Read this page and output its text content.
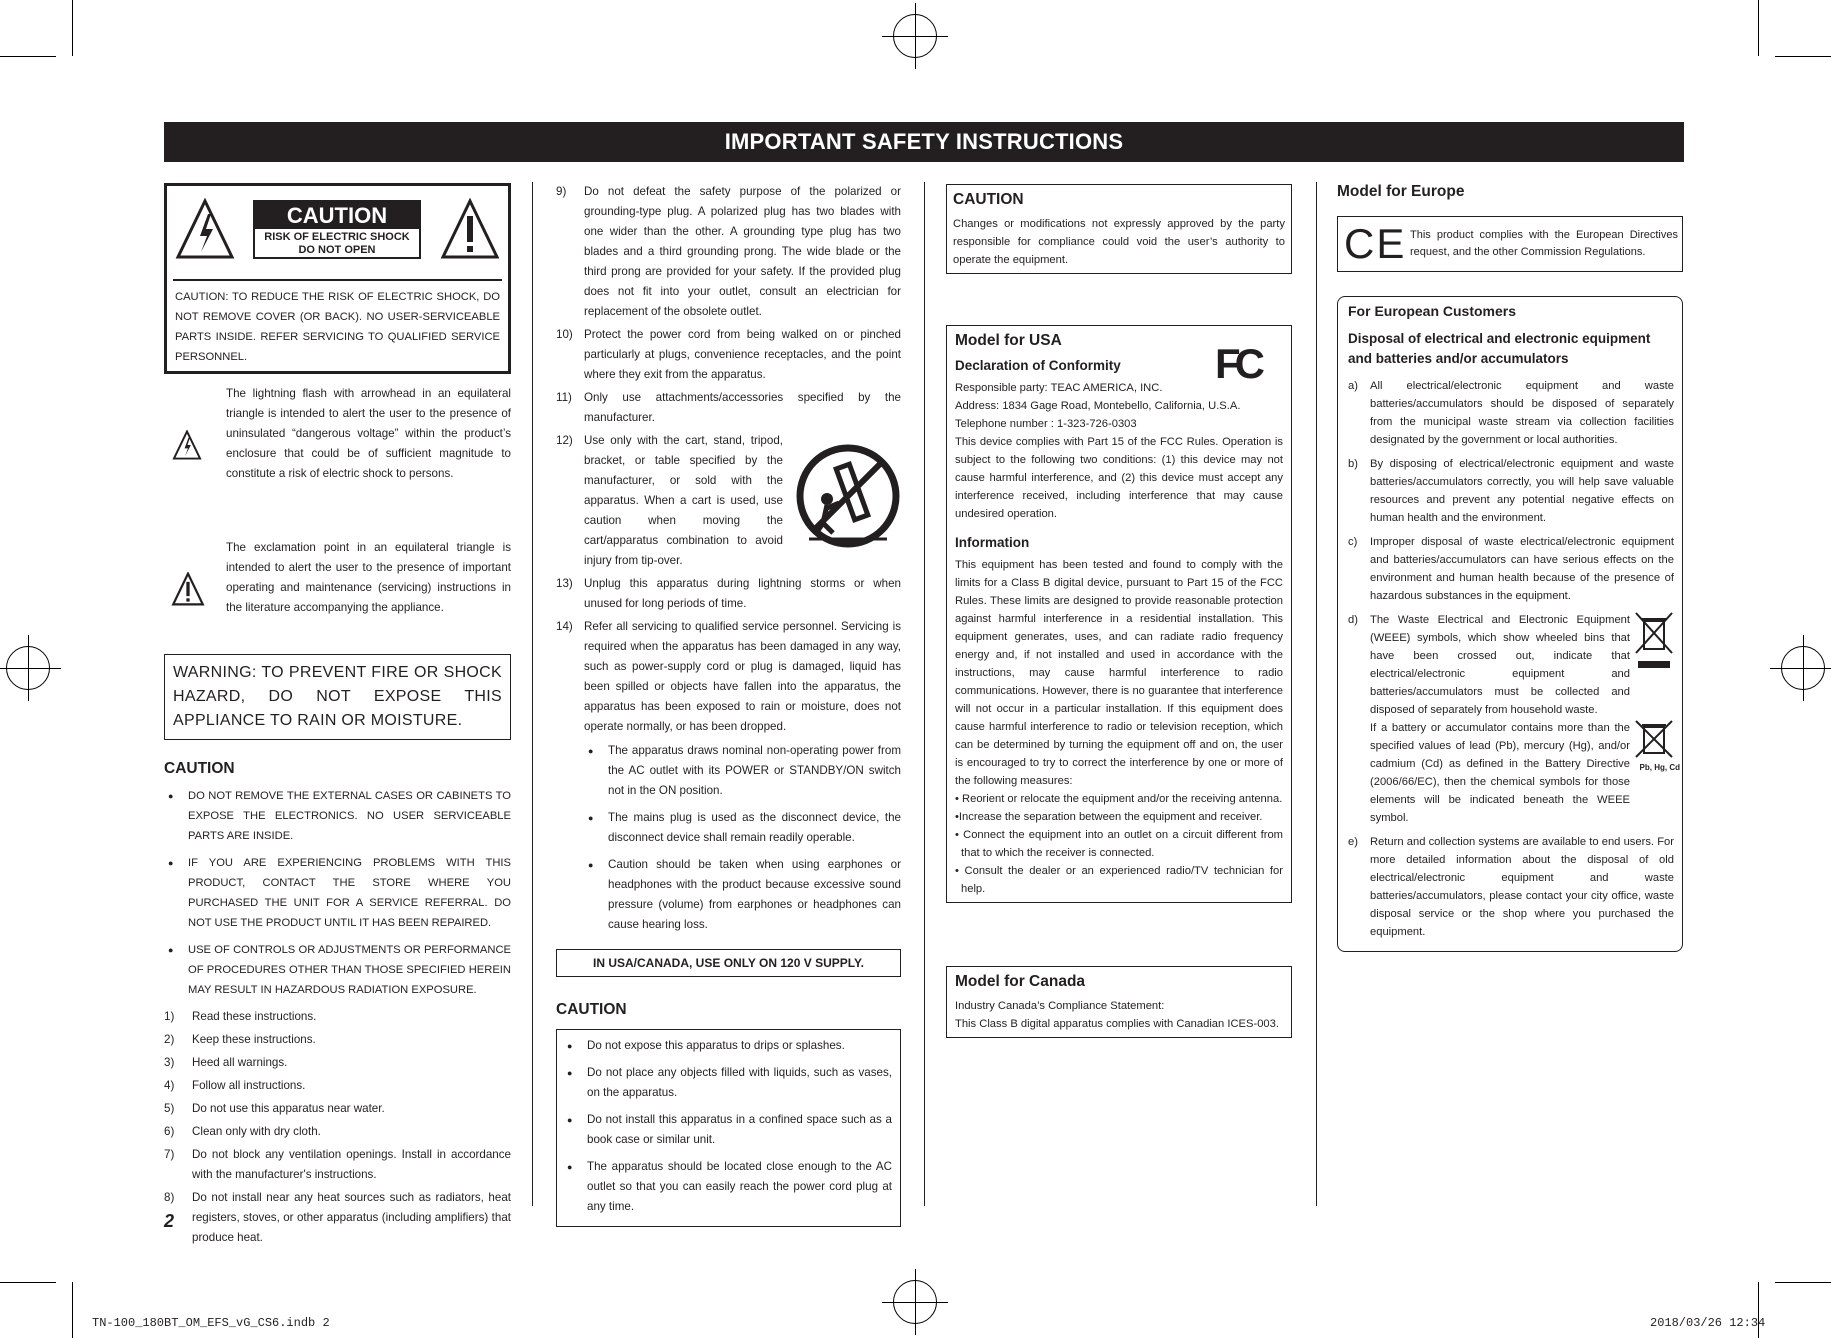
IMPORTANT SAFETY INSTRUCTIONS
CAUTION
RISK OF ELECTRIC SHOCK
DO NOT OPEN
CAUTION: TO REDUCE THE RISK OF ELECTRIC SHOCK, DO NOT REMOVE COVER (OR BACK). NO USER-SERVICEABLE PARTS INSIDE. REFER SERVICING TO QUALIFIED SERVICE PERSONNEL.
The lightning flash with arrowhead in an equilateral triangle is intended to alert the user to the presence of uninsulated “dangerous voltage” within the product’s enclosure that could be of sufficient magnitude to constitute a risk of electric shock to persons.
The exclamation point in an equilateral triangle is intended to alert the user to the presence of important operating and maintenance (servicing) instructions in the literature accompanying the appliance.
WARNING: TO PREVENT FIRE OR SHOCK HAZARD, DO NOT EXPOSE THIS APPLIANCE TO RAIN OR MOISTURE.
CAUTION
● DO NOT REMOVE THE EXTERNAL CASES OR CABINETS TO EXPOSE THE ELECTRONICS. NO USER SERVICEABLE PARTS ARE INSIDE.
● IF YOU ARE EXPERIENCING PROBLEMS WITH THIS PRODUCT, CONTACT THE STORE WHERE YOU PURCHASED THE UNIT FOR A SERVICE REFERRAL. DO NOT USE THE PRODUCT UNTIL IT HAS BEEN REPAIRED.
● USE OF CONTROLS OR ADJUSTMENTS OR PERFORMANCE OF PROCEDURES OTHER THAN THOSE SPECIFIED HEREIN MAY RESULT IN HAZARDOUS RADIATION EXPOSURE.
1) Read these instructions.
2) Keep these instructions.
3) Heed all warnings.
4) Follow all instructions.
5) Do not use this apparatus near water.
6) Clean only with dry cloth.
7) Do not block any ventilation openings. Install in accordance with the manufacturer's instructions.
8) Do not install near any heat sources such as radiators, heat registers, stoves, or other apparatus (including amplifiers) that produce heat.
2
9) Do not defeat the safety purpose of the polarized or grounding-type plug. A polarized plug has two blades with one wider than the other. A grounding type plug has two blades and a third grounding prong. The wide blade or the third prong are provided for your safety. If the provided plug does not fit into your outlet, consult an electrician for replacement of the obsolete outlet.
10) Protect the power cord from being walked on or pinched particularly at plugs, convenience receptacles, and the point where they exit from the apparatus.
11) Only use attachments/accessories specified by the manufacturer.
12) Use only with the cart, stand, tripod, bracket, or table specified by the manufacturer, or sold with the apparatus. When a cart is used, use caution when moving the cart/apparatus combination to avoid injury from tip-over.
13) Unplug this apparatus during lightning storms or when unused for long periods of time.
14) Refer all servicing to qualified service personnel. Servicing is required when the apparatus has been damaged in any way, such as power-supply cord or plug is damaged, liquid has been spilled or objects have fallen into the apparatus, the apparatus has been exposed to rain or moisture, does not operate normally, or has been dropped.
● The apparatus draws nominal non-operating power from the AC outlet with its POWER or STANDBY/ON switch not in the ON position.
● The mains plug is used as the disconnect device, the disconnect device shall remain readily operable.
● Caution should be taken when using earphones or headphones with the product because excessive sound pressure (volume) from earphones or headphones can cause hearing loss.
IN USA/CANADA, USE ONLY ON 120 V SUPPLY.
CAUTION
● Do not expose this apparatus to drips or splashes.
● Do not place any objects filled with liquids, such as vases, on the apparatus.
● Do not install this apparatus in a confined space such as a book case or similar unit.
● The apparatus should be located close enough to the AC outlet so that you can easily reach the power cord plug at any time.
CAUTION
Changes or modifications not expressly approved by the party responsible for compliance could void the user’s authority to operate the equipment.
Model for USA
Declaration of Conformity	FC
Responsible party: TEAC AMERICA, INC.
Address: 1834 Gage Road, Montebello, California, U.S.A.
Telephone number : 1-323-726-0303
This device complies with Part 15 of the FCC Rules. Operation is subject to the following two conditions: (1) this device may not cause harmful interference, and (2) this device must accept any interference received, including interference that may cause undesired operation.
Information
This equipment has been tested and found to comply with the limits for a Class B digital device, pursuant to Part 15 of the FCC Rules. These limits are designed to provide reasonable protection against harmful interference in a residential installation. This equipment generates, uses, and can radiate radio frequency energy and, if not installed and used in accordance with the instructions, may cause harmful interference to radio communications. However, there is no guarantee that interference will not occur in a particular installation. If this equipment does cause harmful interference to radio or television reception, which can be determined by turning the equipment off and on, the user is encouraged to try to correct the interference by one or more of the following measures:
• Reorient or relocate the equipment and/or the receiving antenna.
•Increase the separation between the equipment and receiver.
• Connect the equipment into an outlet on a circuit different from that to which the receiver is connected.
• Consult the dealer or an experienced radio/TV technician for help.
Model for Canada
Industry Canada’s Compliance Statement:
This Class B digital apparatus complies with Canadian ICES-003.
Model for Europe
CE This product complies with the European Directives request, and the other Commission Regulations.
For European Customers
Disposal of electrical and electronic equipment and batteries and/or accumulators
a) All electrical/electronic equipment and waste batteries/accumulators should be disposed of separately from the municipal waste stream via collection facilities designated by the government or local authorities.
b) By disposing of electrical/electronic equipment and waste batteries/accumulators correctly, you will help save valuable resources and prevent any potential negative effects on human health and the environment.
c) Improper disposal of waste electrical/electronic equipment and batteries/accumulators can have serious effects on the environment and human health because of the presence of hazardous substances in the equipment.
d) The Waste Electrical and Electronic Equipment (WEEE) symbols, which show wheeled bins that have been crossed out, indicate that electrical/electronic equipment and batteries/accumulators must be collected and disposed of separately from household waste.
If a battery or accumulator contains more than the specified values of lead (Pb), mercury (Hg), and/or cadmium (Cd) as defined in the Battery Directive (2006/66/EC), then the chemical symbols for those elements will be indicated beneath the WEEE symbol.
Pb, Hg, Cd
e) Return and collection systems are available to end users. For more detailed information about the disposal of old electrical/electronic equipment and waste batteries/accumulators, please contact your city office, waste disposal service or the shop where you purchased the equipment.
TN-100_180BT_OM_EFS_vG_CS6.indb 2	2018/03/26 12:34
